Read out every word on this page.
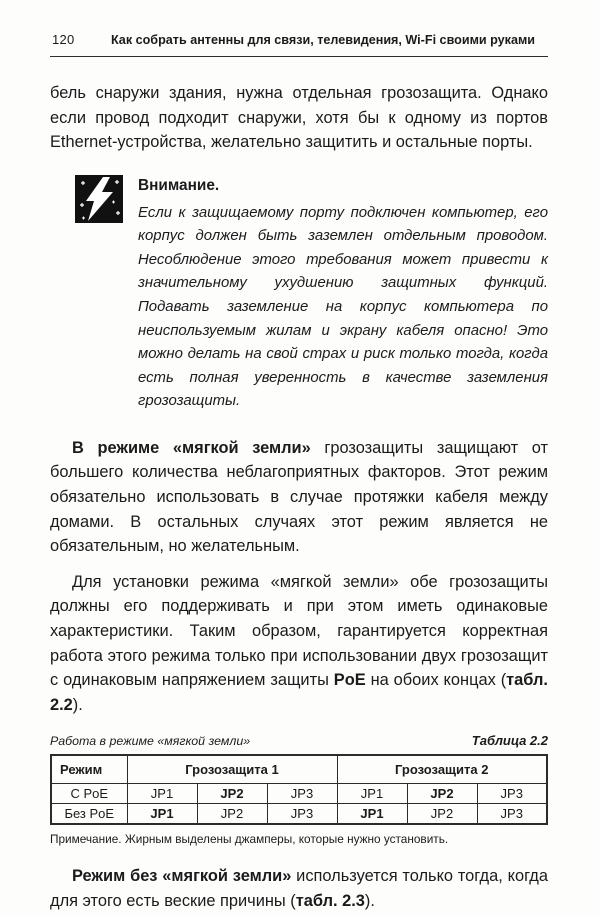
120	Как собрать антенны для связи, телевидения, Wi-Fi своими руками

бель снаружи здания, нужна отдельная грозозащита. Однако если провод подходит снаружи, хотя бы к одному из портов Ethernet-устройства, желательно защитить и остальные порты.

Внимание.

Если к защищаемому порту подключен компьютер, его корпус должен быть заземлен отдельным проводом. Несоблюдение этого требования может привести к значительному ухудшению защитных функций. Подавать заземление на корпус компьютера по неиспользуемым жилам и экрану кабеля опасно! Это можно делать на свой страх и риск только тогда, когда есть полная уверенность в качестве заземления грозозащиты.

В режиме «мягкой земли» грозозащиты защищают от большего количества неблагоприятных факторов. Этот режим обязательно использовать в случае протяжки кабеля между домами. В остальных случаях этот режим является не обязательным, но желательным.

Для установки режима «мягкой земли» обе грозозащиты должны его поддерживать и при этом иметь одинаковые характеристики. Таким образом, гарантируется корректная работа этого режима только при использовании двух грозозащит с одинаковым напряжением защиты PoE на обоих концах (табл. 2.2).

Работа в режиме «мягкой земли»	Таблица 2.2
Режим	Грозозащита 1			Грозозащита 2		
С PoE	JP1	JP2	JP3	JP1	JP2	JP3
Без PoE	JP1	JP2	JP3	JP1	JP2	JP3

Примечание. Жирным выделены джамперы, которые нужно установить.

Режим без «мягкой земли» используется только тогда, когда для этого есть веские причины (табл. 2.3).
